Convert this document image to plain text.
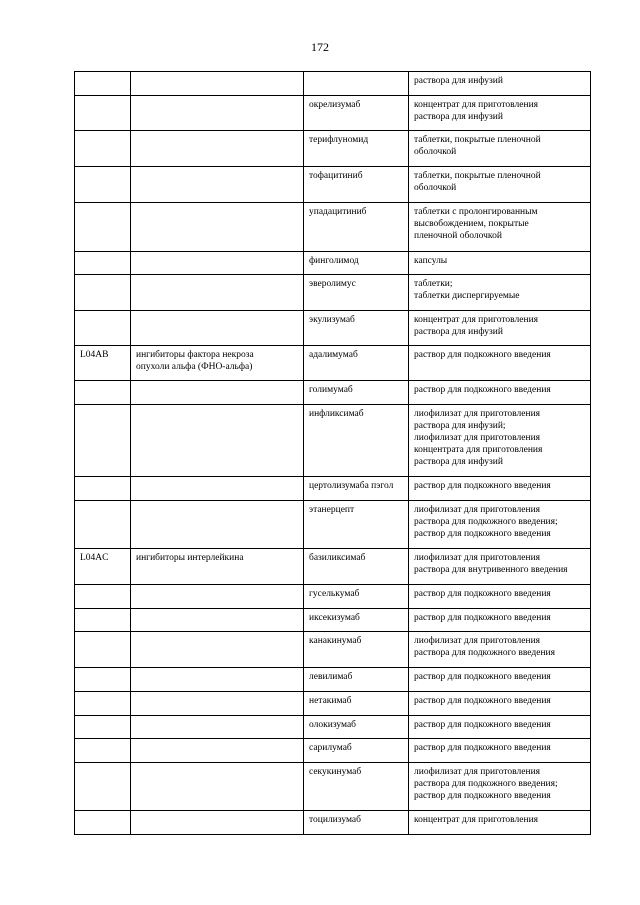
172

			раствора для инфузий

		окрелизумаб	концентрат для приготовления
раствора для инфузий

		терифлуномид	таблетки, покрытые пленочной
оболочкой

		тофацитиниб	таблетки, покрытые пленочной
оболочкой

		упадацитиниб	таблетки с пролонгированным
высвобождением, покрытые
пленочной оболочкой

		финголимод	капсулы

		эверолимус	таблетки;
таблетки диспергируемые

		экулизумаб	концентрат для приготовления
раствора для инфузий

L04AB	ингибиторы фактора некроза
опухоли альфа (ФНО-альфа)	адалимумаб	раствор для подкожного введения

		голимумаб	раствор для подкожного введения

		инфликсимаб	лиофилизат для приготовления
раствора для инфузий;
лиофилизат для приготовления
концентрата для приготовления
раствора для инфузий

		цертолизумаба пэгол	раствор для подкожного введения

		этанерцепт	лиофилизат для приготовления
раствора для подкожного введения;
раствор для подкожного введения

L04AC	ингибиторы интерлейкина	базиликсимаб	лиофилизат для приготовления
раствора для внутривенного введения

		гуселькумаб	раствор для подкожного введения

		иксекизумаб	раствор для подкожного введения

		канакинумаб	лиофилизат для приготовления
раствора для подкожного введения

		левилимаб	раствор для подкожного введения

		нетакимаб	раствор для подкожного введения

		олокизумаб	раствор для подкожного введения

		сарилумаб	раствор для подкожного введения

		секукинумаб	лиофилизат для приготовления
раствора для подкожного введения;
раствор для подкожного введения

		тоцилизумаб	концентрат для приготовления
